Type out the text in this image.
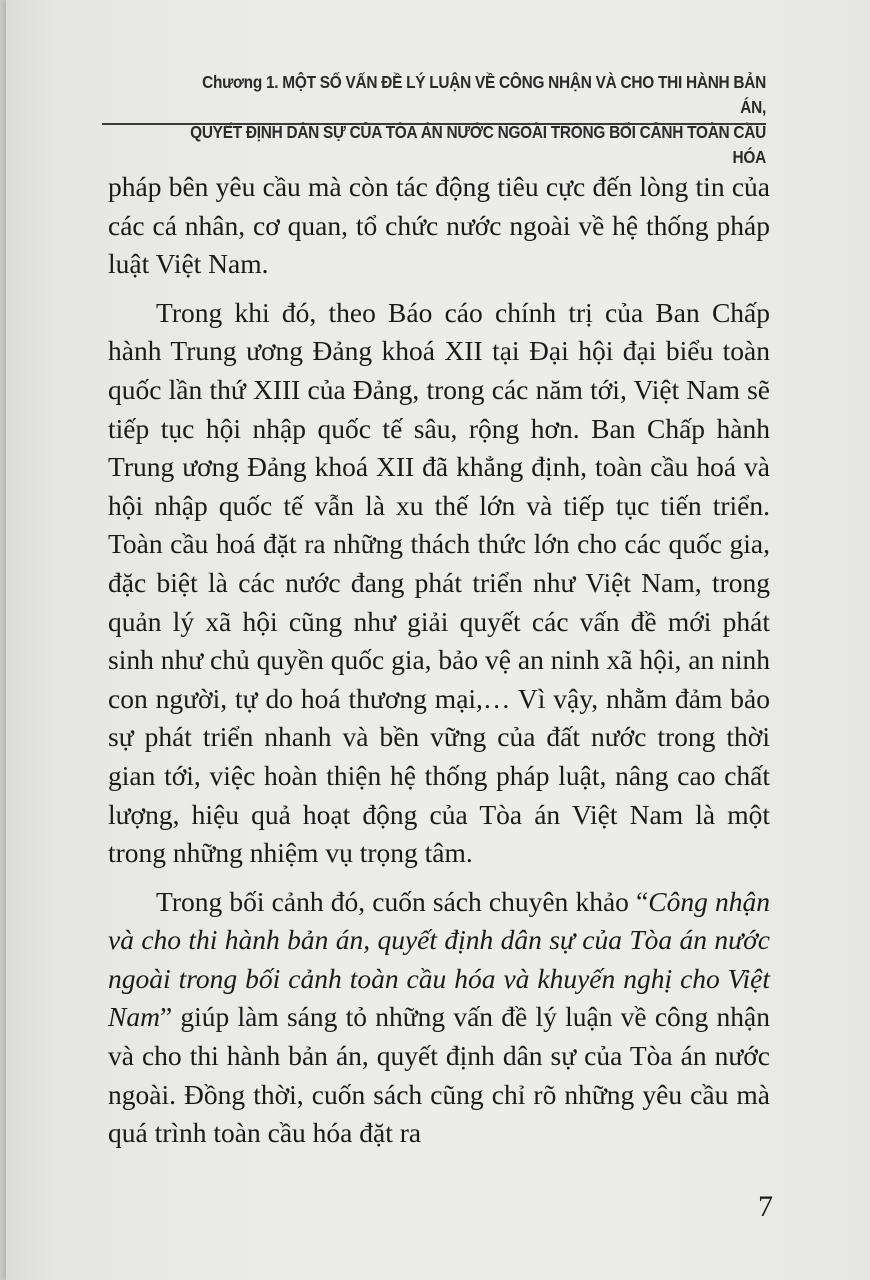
Chương 1. MỘT SỐ VẤN ĐỀ LÝ LUẬN VỀ CÔNG NHẬN VÀ CHO THI HÀNH BẢN ÁN,
QUYẾT ĐỊNH DÂN SỰ CỦA TÒA ÁN NƯỚC NGOÀI TRONG BỐI CẢNH TOÀN CẦU HÓA

pháp bên yêu cầu mà còn tác động tiêu cực đến lòng tin của các cá nhân, cơ quan, tổ chức nước ngoài về hệ thống pháp luật Việt Nam.

Trong khi đó, theo Báo cáo chính trị của Ban Chấp hành Trung ương Đảng khoá XII tại Đại hội đại biểu toàn quốc lần thứ XIII của Đảng, trong các năm tới, Việt Nam sẽ tiếp tục hội nhập quốc tế sâu, rộng hơn. Ban Chấp hành Trung ương Đảng khoá XII đã khẳng định, toàn cầu hoá và hội nhập quốc tế vẫn là xu thế lớn và tiếp tục tiến triển. Toàn cầu hoá đặt ra những thách thức lớn cho các quốc gia, đặc biệt là các nước đang phát triển như Việt Nam, trong quản lý xã hội cũng như giải quyết các vấn đề mới phát sinh như chủ quyền quốc gia, bảo vệ an ninh xã hội, an ninh con người, tự do hoá thương mại,… Vì vậy, nhằm đảm bảo sự phát triển nhanh và bền vững của đất nước trong thời gian tới, việc hoàn thiện hệ thống pháp luật, nâng cao chất lượng, hiệu quả hoạt động của Tòa án Việt Nam là một trong những nhiệm vụ trọng tâm.

Trong bối cảnh đó, cuốn sách chuyên khảo “Công nhận và cho thi hành bản án, quyết định dân sự của Tòa án nước ngoài trong bối cảnh toàn cầu hóa và khuyến nghị cho Việt Nam” giúp làm sáng tỏ những vấn đề lý luận về công nhận và cho thi hành bản án, quyết định dân sự của Tòa án nước ngoài. Đồng thời, cuốn sách cũng chỉ rõ những yêu cầu mà quá trình toàn cầu hóa đặt ra

7
